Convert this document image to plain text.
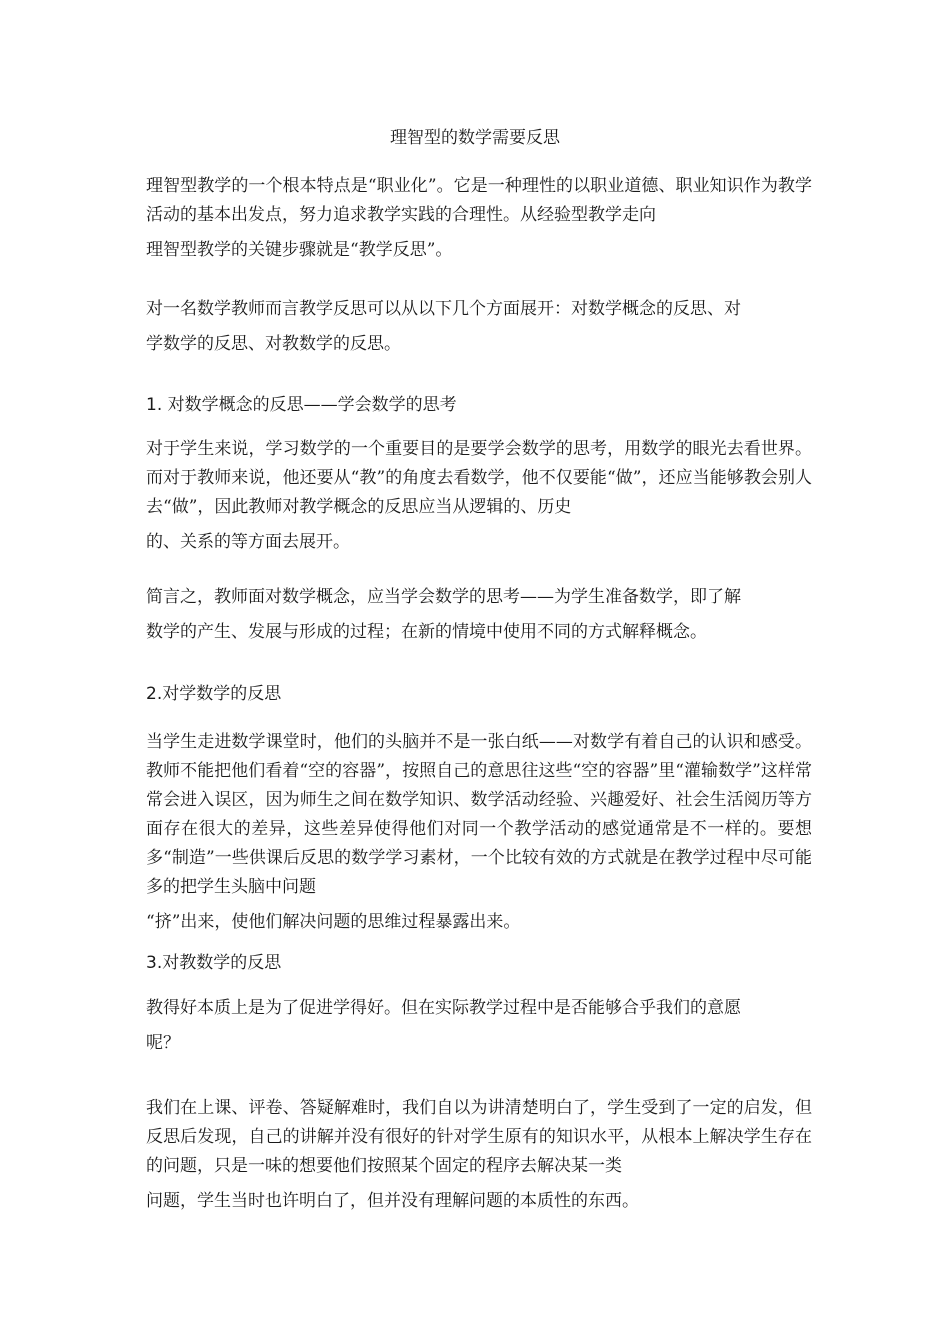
理智型的数学需要反思

理智型教学的一个根本特点是“职业化”。它是一种理性的以职业道德、职业知识作为教学活动的基本出发点，努力追求教学实践的合理性。从经验型教学走向
理智型教学的关键步骤就是“教学反思”。

对一名数学教师而言教学反思可以从以下几个方面展开：对数学概念的反思、对
学数学的反思、对教数学的反思。

1. 对数学概念的反思——学会数学的思考

对于学生来说，学习数学的一个重要目的是要学会数学的思考，用数学的眼光去看世界。而对于教师来说，他还要从“教”的角度去看数学，他不仅要能“做”，还应当能够教会别人去“做”，因此教师对教学概念的反思应当从逻辑的、历史
的、关系的等方面去展开。

简言之，教师面对数学概念，应当学会数学的思考——为学生准备数学，即了解
数学的产生、发展与形成的过程；在新的情境中使用不同的方式解释概念。

2.对学数学的反思

当学生走进数学课堂时，他们的头脑并不是一张白纸——对数学有着自己的认识和感受。教师不能把他们看着“空的容器”，按照自己的意思往这些“空的容器”里“灌输数学”这样常常会进入误区，因为师生之间在数学知识、数学活动经验、兴趣爱好、社会生活阅历等方面存在很大的差异，这些差异使得他们对同一个教学活动的感觉通常是不一样的。要想多“制造”一些供课后反思的数学学习素材，一个比较有效的方式就是在教学过程中尽可能多的把学生头脑中问题
“挤”出来，使他们解决问题的思维过程暴露出来。

3.对教数学的反思

教得好本质上是为了促进学得好。但在实际教学过程中是否能够合乎我们的意愿
呢？

我们在上课、评卷、答疑解难时，我们自以为讲清楚明白了，学生受到了一定的启发，但反思后发现，自己的讲解并没有很好的针对学生原有的知识水平，从根本上解决学生存在的问题，只是一味的想要他们按照某个固定的程序去解决某一类
问题，学生当时也许明白了，但并没有理解问题的本质性的东西。
